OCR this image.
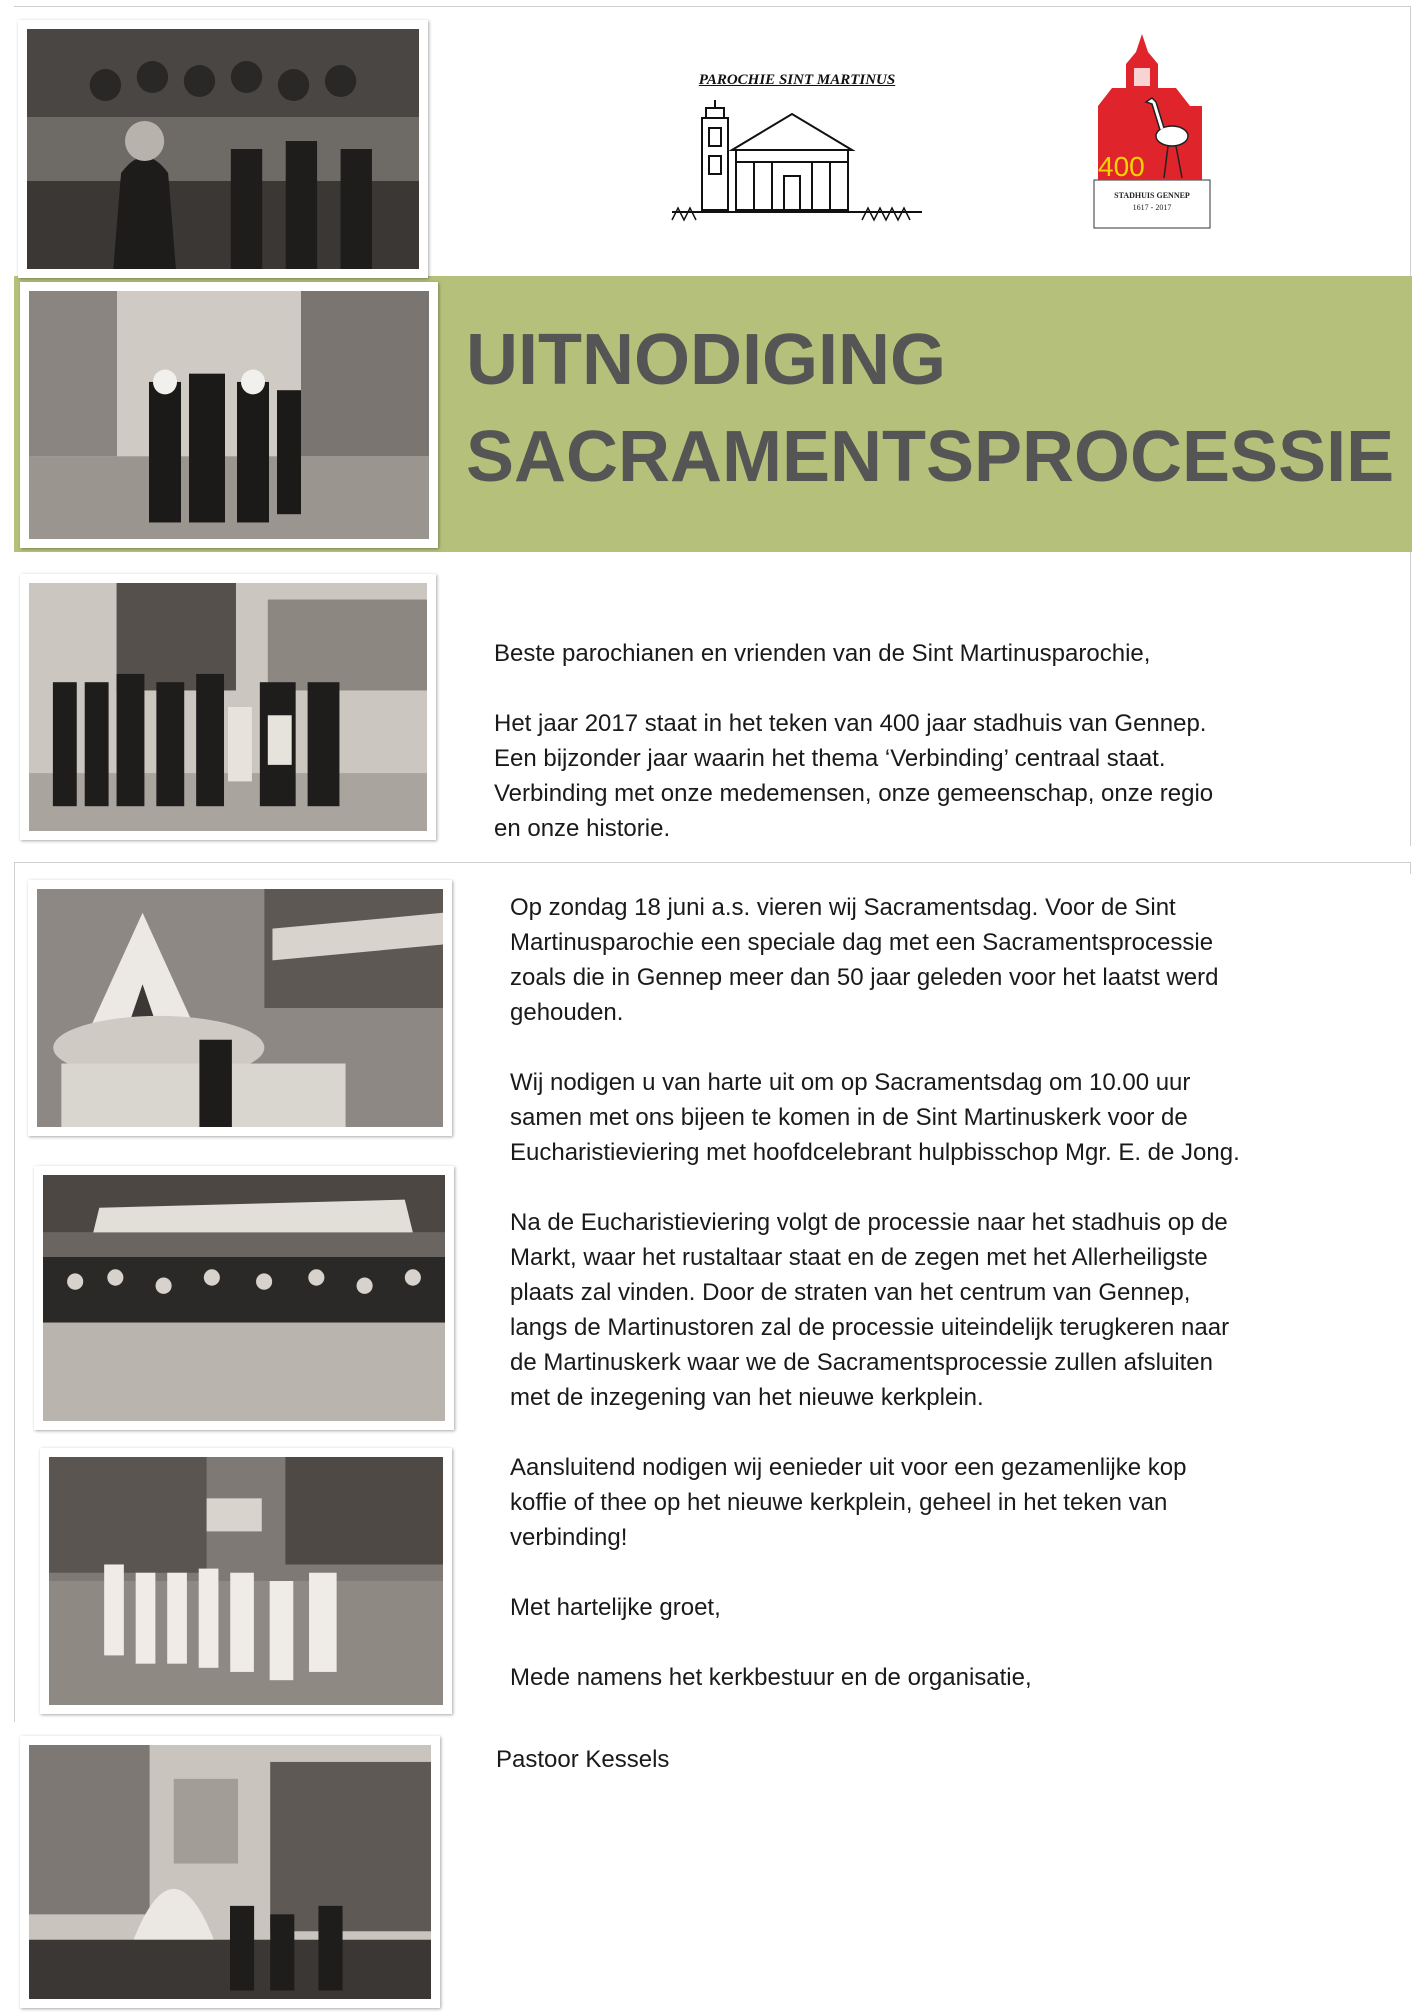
UITNODIGING
SACRAMENTSPROCESSIE
PAROCHIE SINT MARTINUS
400
STADHUIS GENNEP
1617 - 2017

Beste parochianen en vrienden van de Sint Martinusparochie,

Het jaar 2017 staat in het teken van 400 jaar stadhuis van Gennep.

Een bijzonder jaar waarin het thema ‘Verbinding’ centraal staat.

Verbinding met onze medemensen, onze gemeenschap, onze regio

en onze historie.

Op zondag 18 juni a.s. vieren wij Sacramentsdag. Voor de Sint

Martinusparochie een speciale dag met een Sacramentsprocessie

zoals die in Gennep meer dan 50 jaar geleden voor het laatst werd

gehouden.

Wij nodigen u van harte uit om op Sacramentsdag om 10.00 uur

samen met ons bijeen te komen in de Sint Martinuskerk voor de

Eucharistieviering met hoofdcelebrant hulpbisschop Mgr. E. de Jong.

Na de Eucharistieviering volgt de processie naar het stadhuis op de

Markt, waar het rustaltaar staat en de zegen met het Allerheiligste

plaats zal vinden. Door de straten van het centrum van Gennep,

langs de Martinustoren zal de processie uiteindelijk terugkeren naar

de Martinuskerk waar we de Sacramentsprocessie zullen afsluiten

met de inzegening van het nieuwe kerkplein.

Aansluitend nodigen wij eenieder uit voor een gezamenlijke kop

koffie of thee op het nieuwe kerkplein, geheel in het teken van

verbinding!

Met hartelijke groet,

Mede namens het kerkbestuur en de organisatie,

Pastoor Kessels
